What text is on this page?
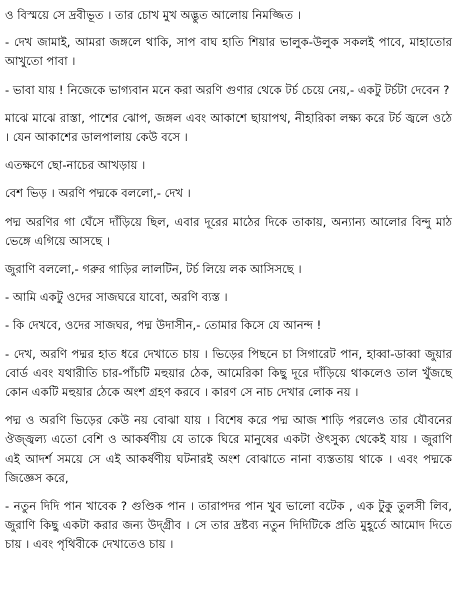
ও বিস্ময়ে সে দ্রবীভূত । তার চোখ মুখ অদ্ভুত আলোয় নিমজ্জিত ।

- দেখ জামাই, আমরা জঙ্গলে থাকি, সাপ বাঘ হাতি শিয়ার ভালুক-উলুক সকলই পাবে, মাহাতোর আখুতো পাবা ।

- ভাবা যায় ! নিজেকে ভাগ্যবান মনে করা অরণি গুণার থেকে টর্চ চেয়ে নেয়,- একটু টর্চটা দেবেন ?

মাঝে মাঝে রাস্তা, পাশের ঝোপ, জঙ্গল এবং আকাশে ছায়াপথ, নীহারিকা লক্ষ্য করে টর্চ জ্বলে ওঠে । যেন আকাশের ডালপালায় কেউ বসে ।

এতক্ষণে ছো-নাচের আখড়ায় ।

বেশ ভিড় । অরণি পদ্মকে বললো,- দেখ ।

পদ্ম অরণির গা ঘেঁসে দাঁড়িয়ে ছিল, এবার দূরের মাঠের দিকে তাকায়, অন্যান্য আলোর বিন্দু মাঠ ভেঙ্গে এগিয়ে আসছে ।

জুরাণি বললো,- গরুর গাড়ির লালটিন, টর্চ লিয়ে লক আসিসছে ।

- আমি একটু ওদের সাজঘরে যাবো, অরণি ব্যস্ত ।

- কি দেখবে, ওদের সাজঘর, পদ্ম উদাসীন,- তোমার কিসে যে আনন্দ !

- দেখ, অরণি পদ্মর হাত ধরে দেখাতে চায় । ভিড়ের পিছনে চা সিগারেট পান, হাব্বা-ডাব্বা জুয়ার বোর্ড এবং যথারীতি চার-পাঁচটি মহুয়ার ঠেক, আমেরিকা কিছু দূরে দাঁড়িয়ে থাকলেও তাল খুঁজছে কোন একটি মহুয়ার ঠেকে অংশ গ্রহণ করবে । কারণ সে নাচ দেখার লোক নয় ।

পদ্ম ও অরণি ভিড়ের কেউ নয় বোঝা যায় । বিশেষ করে পদ্ম আজ শাড়ি পরলেও তার যৌবনের ঔজ্জ্বল্য এতো বেশি ও আকর্ষণীয় যে তাকে ঘিরে মানুষের একটা ঔৎসুক্য থেকেই যায় । জুরাণি এই আদর্শ সময়ে সে এই আকর্ষণীয় ঘটনারই অংশ বোঝাতে নানা ব্যস্ততায় থাকে । এবং পদ্মকে জিজ্ঞেস করে,

- নতুন দিদি পান খাবেক ? গুণ্ডিক পান । তারাপদর পান খুব ভালো বটেক , এক টুকু তুলসী লিব, জুরাণি কিছু একটা করার জন্য উদ্‌গ্রীব । সে তার দ্রষ্টব্য নতুন দিদিটিকে প্রতি মুহূর্তে আমোদ দিতে চায় । এবং পৃথিবীকে দেখাতেও চায় ।
